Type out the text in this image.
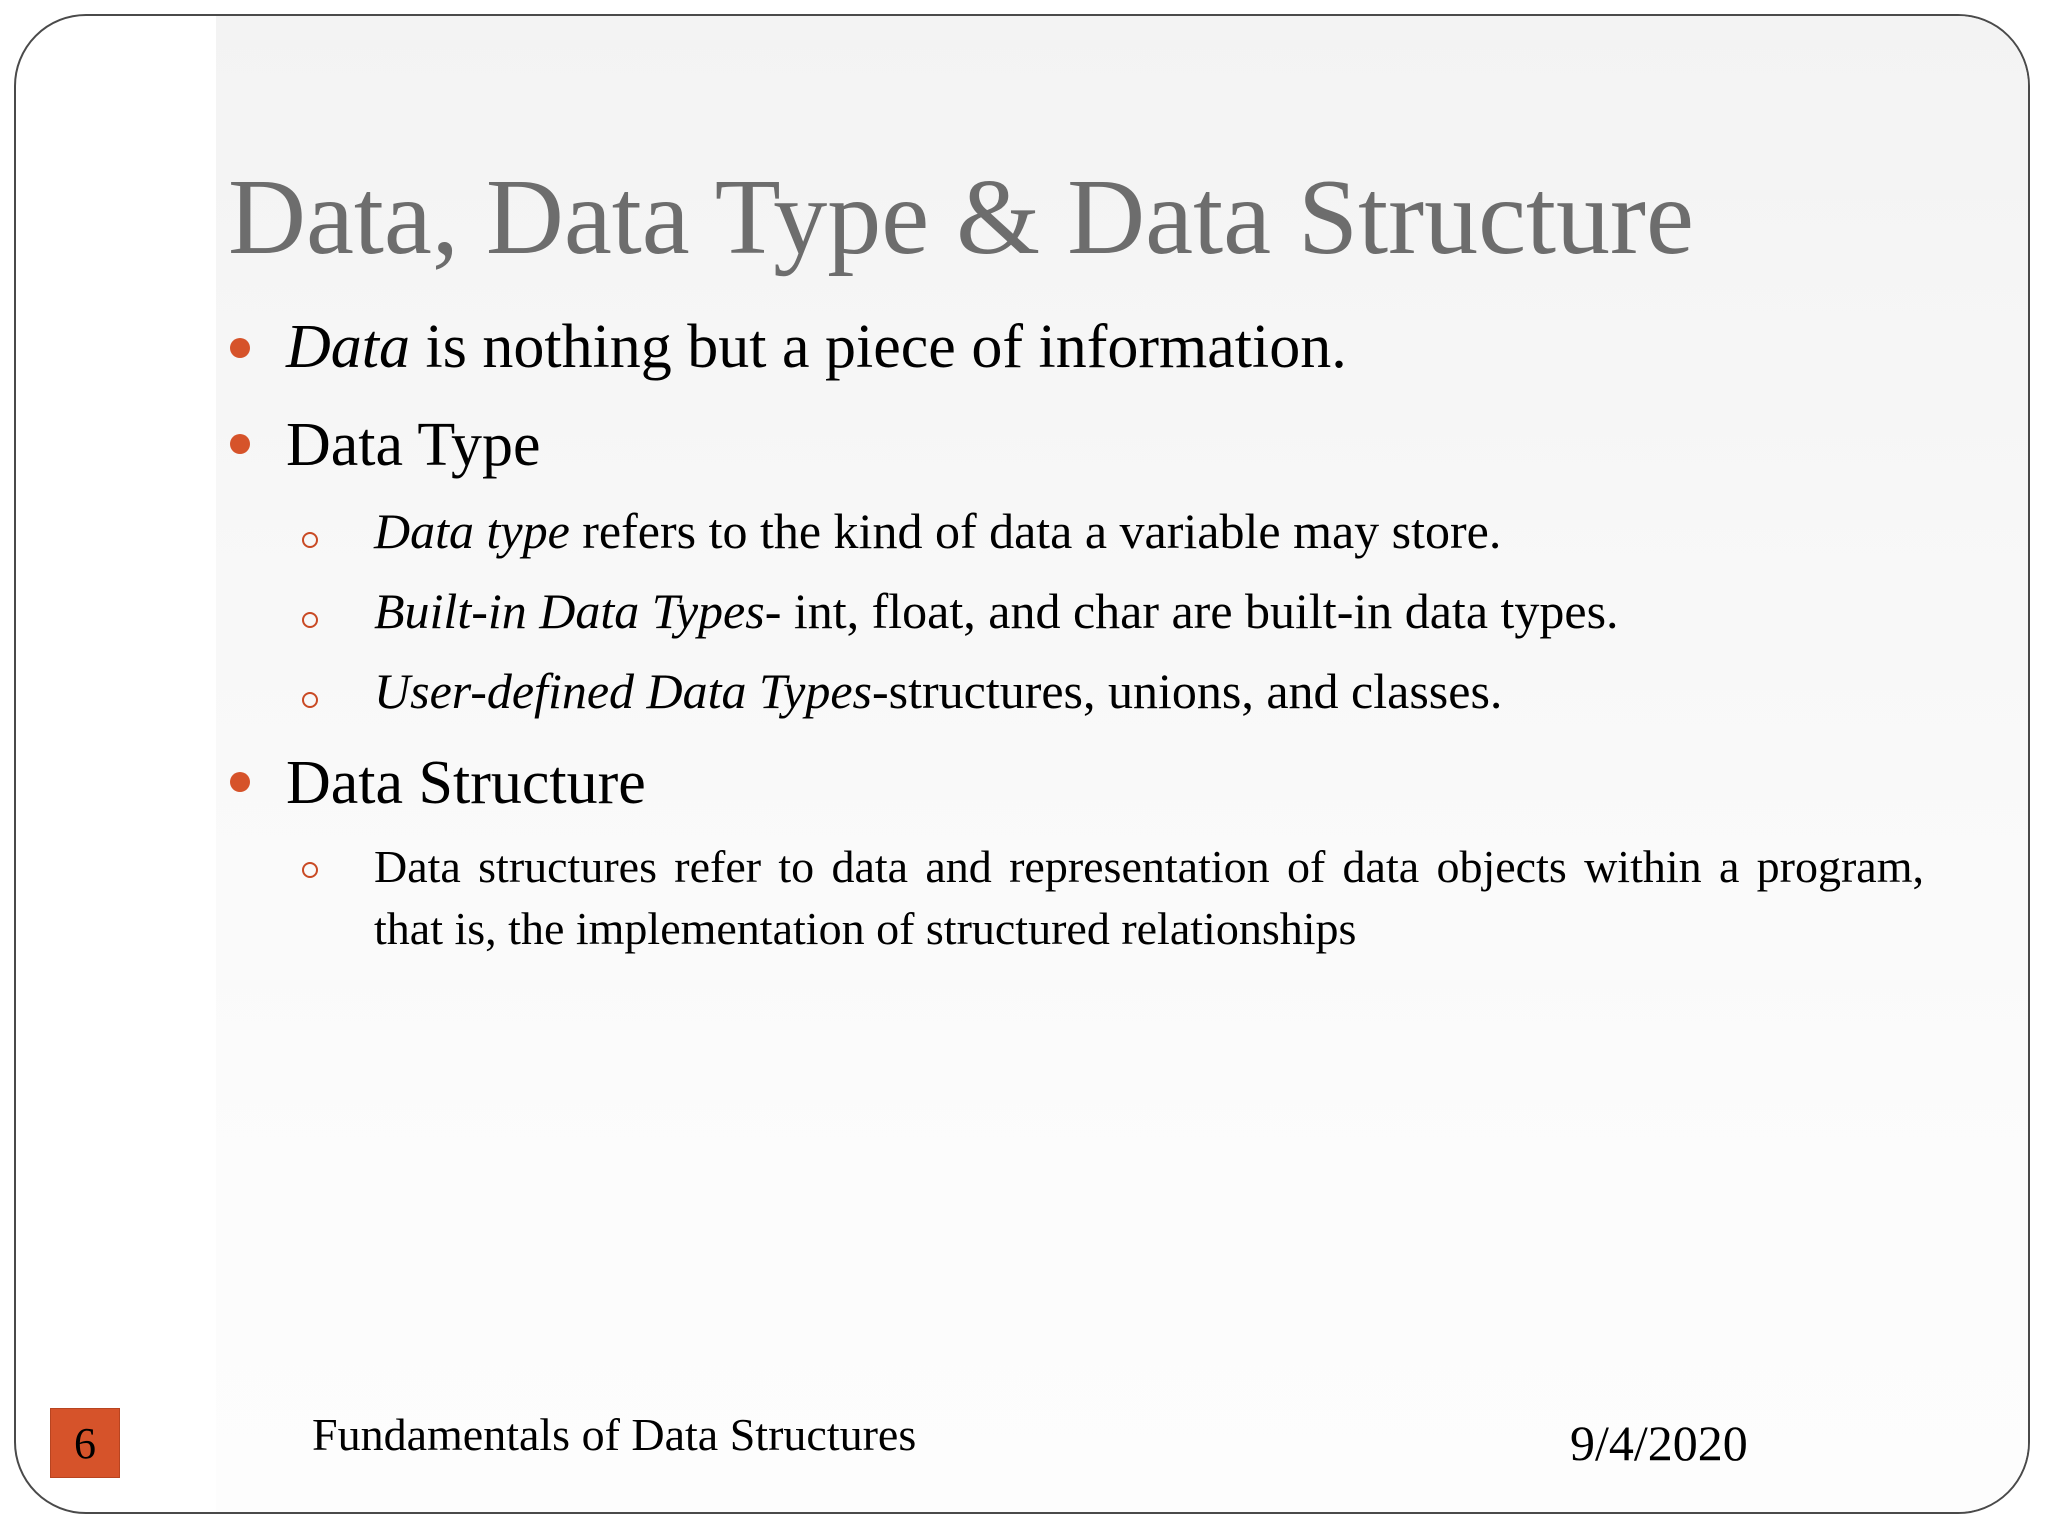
Data, Data Type & Data Structure
Data is nothing but a piece of information.
Data Type
Data type refers to the kind of data a variable may store.
Built-in Data Types- int, float, and char are built-in data types.
User-defined Data Types-structures, unions, and classes.
Data Structure
Data structures refer to data and representation of data objects within a program, that is, the implementation of structured relationships
6	Fundamentals of Data Structures	9/4/2020
